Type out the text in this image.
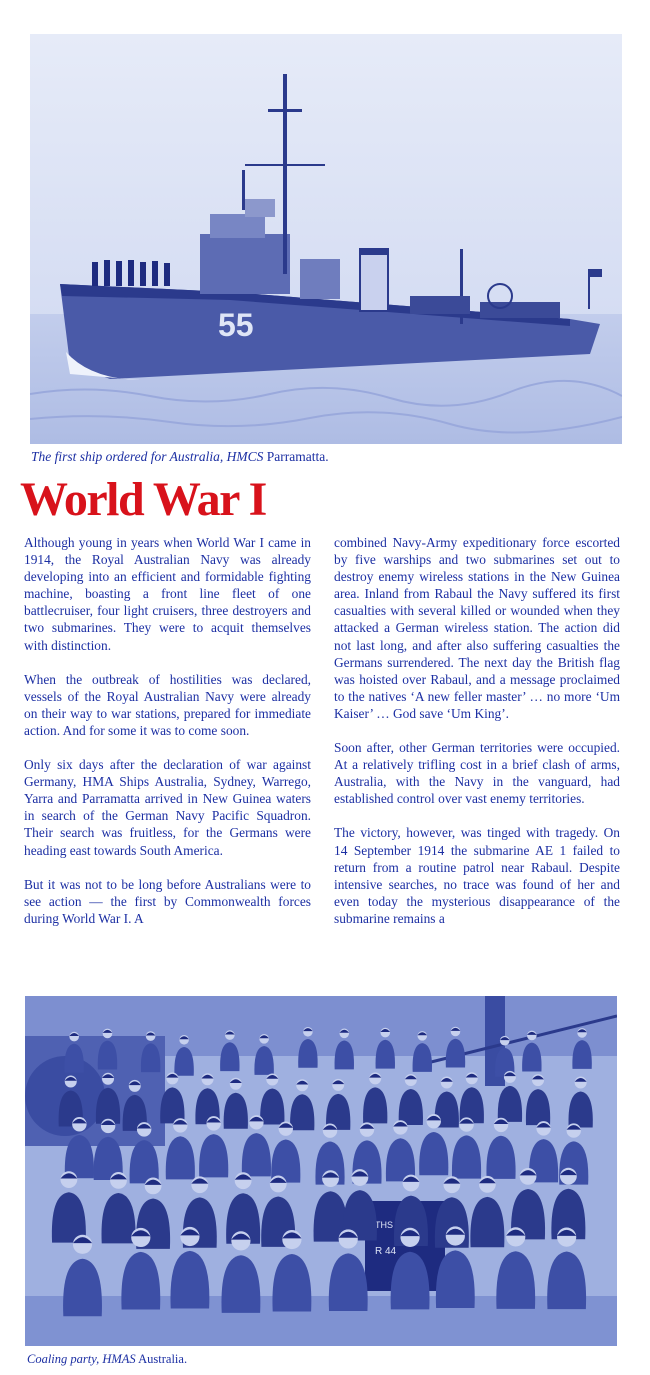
55
The first ship ordered for Australia, HMCS Parramatta.
World War I

Although young in years when World War I came in 1914, the Royal Australian Navy was already developing into an efficient and formidable fighting machine, boasting a front line fleet of one battlecruiser, four light cruisers, three destroyers and two submarines. They were to acquit themselves with distinction.

When the outbreak of hostilities was declared, vessels of the Royal Australian Navy were already on their way to war stations, prepared for immediate action. And for some it was to come soon.

Only six days after the declaration of war against Germany, HMA Ships Australia, Sydney, Warrego, Yarra and Parramatta arrived in New Guinea waters in search of the German Navy Pacific Squadron. Their search was fruitless, for the Germans were heading east towards South America.

But it was not to be long before Australians were to see action — the first by Commonwealth forces during World War I. A

combined Navy-Army expeditionary force escorted by five warships and two submarines set out to destroy enemy wireless stations in the New Guinea area. Inland from Rabaul the Navy suffered its first casualties with several killed or wounded when they attacked a German wireless station. The action did not last long, and after also suffering casualties the Germans surrendered. The next day the British flag was hoisted over Rabaul, and a message proclaimed to the natives ‘A new feller master’ … no more ‘Um Kaiser’ … God save ‘Um King’.

Soon after, other German territories were occupied. At a relatively trifling cost in a brief clash of arms, Australia, with the Navy in the vanguard, had established control over vast enemy territories.

The victory, however, was tinged with tragedy. On 14 September 1914 the submarine AE 1 failed to return from a routine patrol near Rabaul. Despite intensive searches, no trace was found of her and even today the mysterious disappearance of the submarine remains a

ETHS
R 44
Coaling party, HMAS Australia.
